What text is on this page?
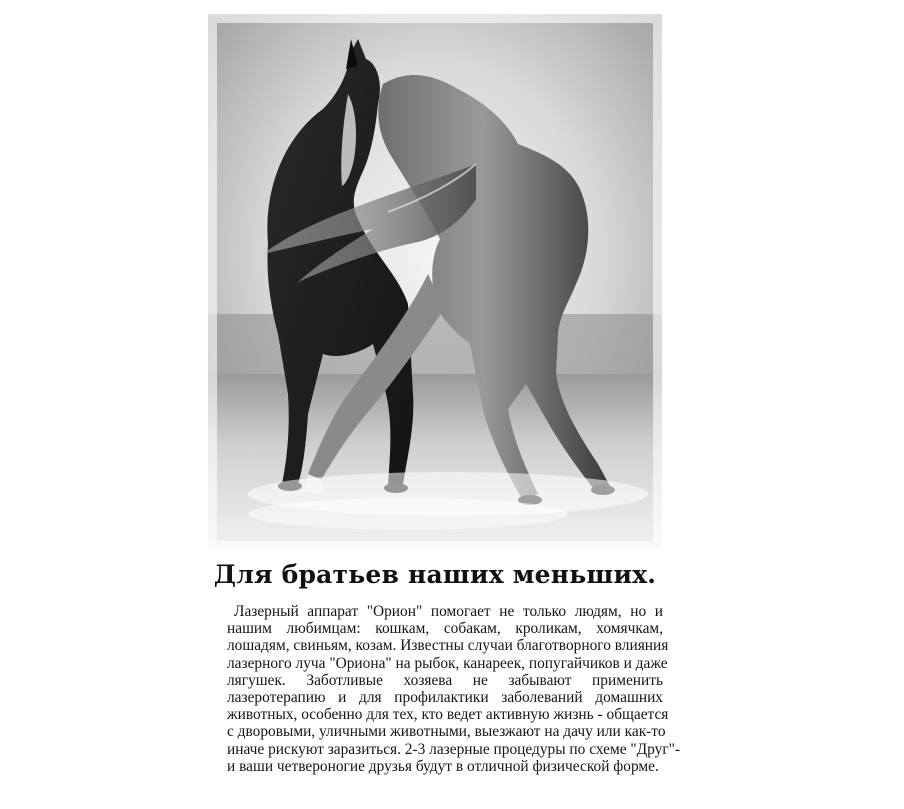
Для братьев наших меньших.
Лазерный аппарат "Орион" помогает не только людям, но и
нашим любимцам: кошкам, собакам, кроликам, хомячкам,
лошадям, свиньям, козам. Известны случаи благотворного влияния
лазерного луча "Ориона" на рыбок, канареек, попугайчиков и даже
лягушек. Заботливые хозяева не забывают применить
лазеротерапию и для профилактики заболеваний домашних
животных, особенно для тех, кто ведет активную жизнь - общается
с дворовыми, уличными животными, выезжают на дачу или как-то
иначе рискуют заразиться. 2-3 лазерные процедуры по схеме "Друг"-
и ваши четвероногие друзья будут в отличной физической форме.
